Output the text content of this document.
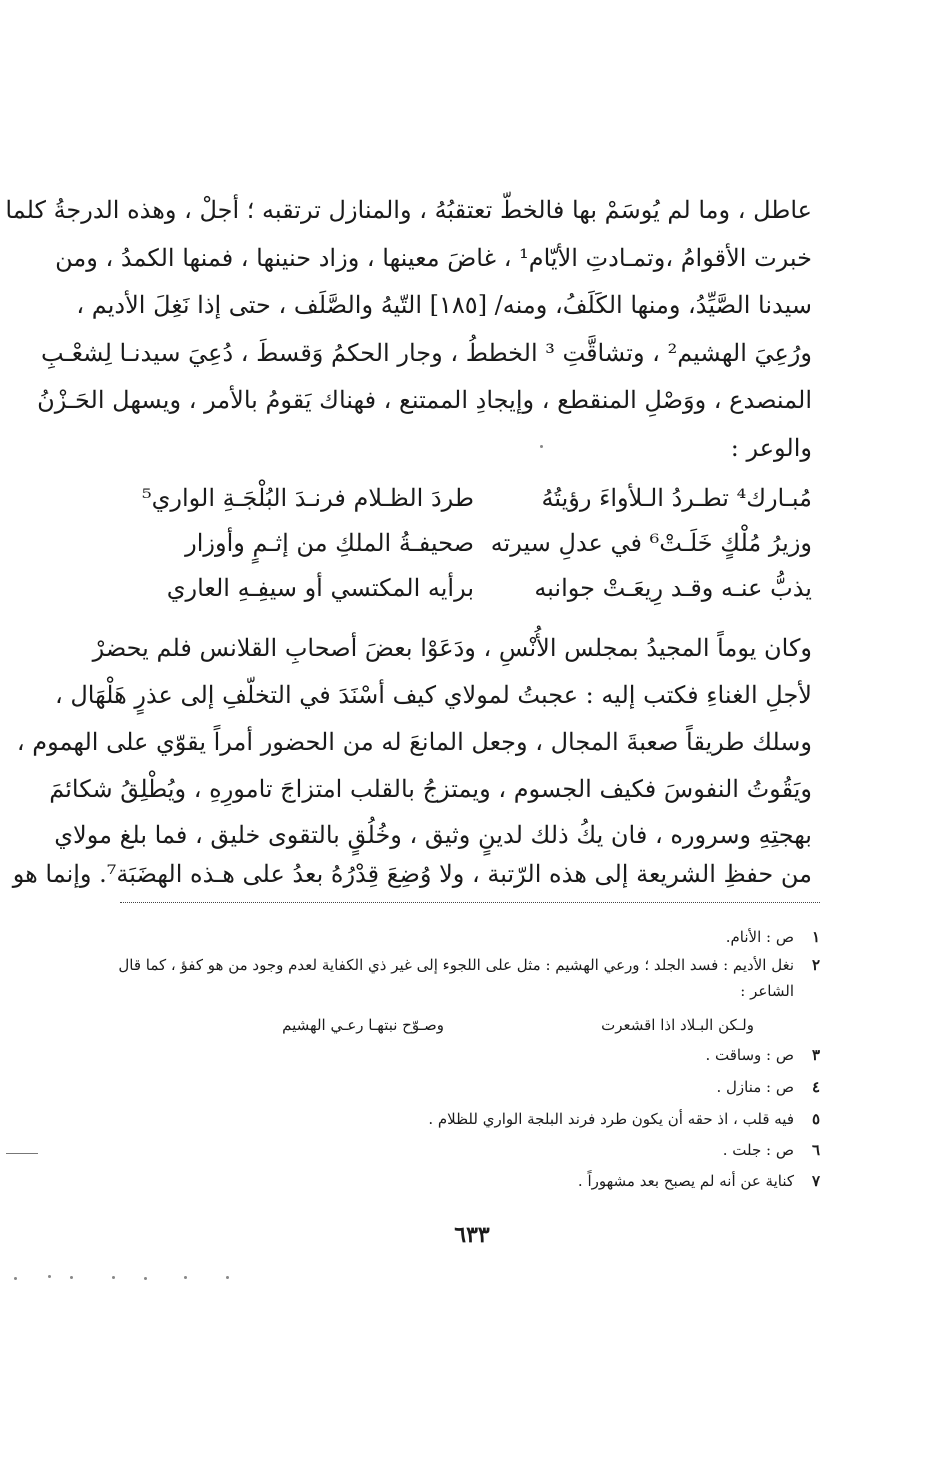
عاطل ، وما لم يُوسَمْ بها فالخطّ تعتقبُهُ ، والمنازل ترتقبه ؛ أجلْ ، وهذه الدرجةُ كلما
خبرت الأقوامُ ،وتمـادتِ الأيّام¹ ، غاضَ معينها ، وزاد حنينها ، فمنها الكمدُ ، ومن
سيدنا الصَّيِّدُ، ومنها الكَلَفُ، ومنه/ [١٨٥] التّيهُ والصَّلَف ، حتى إذا نَغِلَ الأديم ،
ورُعِيَ الهشيم² ، وتشاقَّتِ ³ الخططُ ، وجار الحكمُ وَقسطَ ، دُعِيَ سيدنـا لِشعْـبِ
المنصدع ، ووَصْلِ المنقطع ، وإيجادِ الممتنع ، فهناك يَقومُ بالأمر ، ويسهل الحَـزْنُ
والوعر :
مُبـارك⁴ تطـردُ الـلأواءَ رؤيتُهُ
طردَ الظـلام فرنـدَ البُلْجَـةِ الواري⁵
وزيرُ مُلْكٍ خَلَـتْ⁶ في عدلِ سيرته
صحيفـةُ الملكِ من إثـمٍ وأوزار
يذبُّ عنـه وقـد رِيعَـتْ جوانبه
برأيه المكتسي أو سيفِـهِ العاري
وكان يوماً المجيدُ بمجلس الأُنْسِ ، ودَعَوْا بعضَ أصحابِ القلانس فلم يحضرْ
لأجلِ الغناءِ فكتب إليه : عجبتُ لمولاي كيف أسْنَدَ في التخلّفِ إلى عذرٍ هَلْهَال ،
وسلك طريقاً صعبةَ المجال ، وجعل المانعَ له من الحضور أمراً يقوّي على الهموم ،
ويَقُوتُ النفوسَ فكيف الجسوم ، ويمتزجُ بالقلب امتزاجَ تامورِهِ ، ويُطْلِقُ شكائمَ
بهجتِهِ وسروره ، فان يكُ ذلك لدينٍ وثيق ، وخُلُقٍ بالتقوى خليق ، فما بلغ مولاي
من حفظِ الشريعة إلى هذه الرّتبة ، ولا وُضِعَ قِدْرُهُ بعدُ على هـذه الهضَبَة⁷. وإنما هو
١
ص : الأنام.
٢
نغل الأديم : فسد الجلد ؛ ورعي الهشيم : مثل على اللجوء إلى غير ذي الكفاية لعدم وجود من هو كفؤ ، كما قال
الشاعر :
ولـكن البـلاد اذا اقشعرت
وصـوّح نبتهـا رعـي الهشيم
٣
ص : وساقت .
٤
ص : منازل .
٥
فيه قلب ، اذ حقه أن يكون طرد فرند البلجة الواري للظلام .
٦
ص : جلت .
٧
كناية عن أنه لم يصبح بعد مشهوراً .
٦٣٣
